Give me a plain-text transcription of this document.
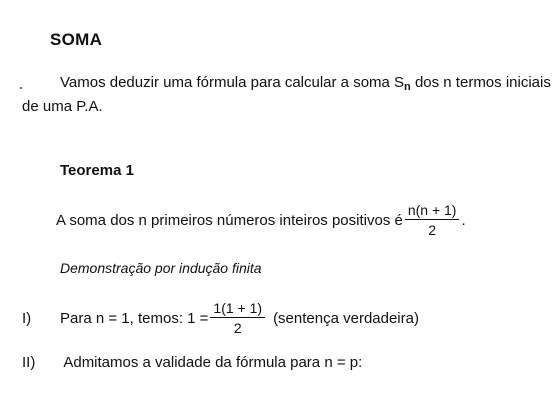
SOMA
Vamos deduzir uma fórmula para calcular a soma $S_n$ dos n termos iniciais
de uma P.A.
Teorema 1
A soma dos n primeiros números inteiros positivos é $\frac{n(n + 1)}{2}$ .
Demonstração por indução finita
I)	Para n = 1, temos: $1 = \frac{1(1 + 1)}{2}$ (sentença verdadeira)
II) Admitamos a validade da fórmula para n = p:
